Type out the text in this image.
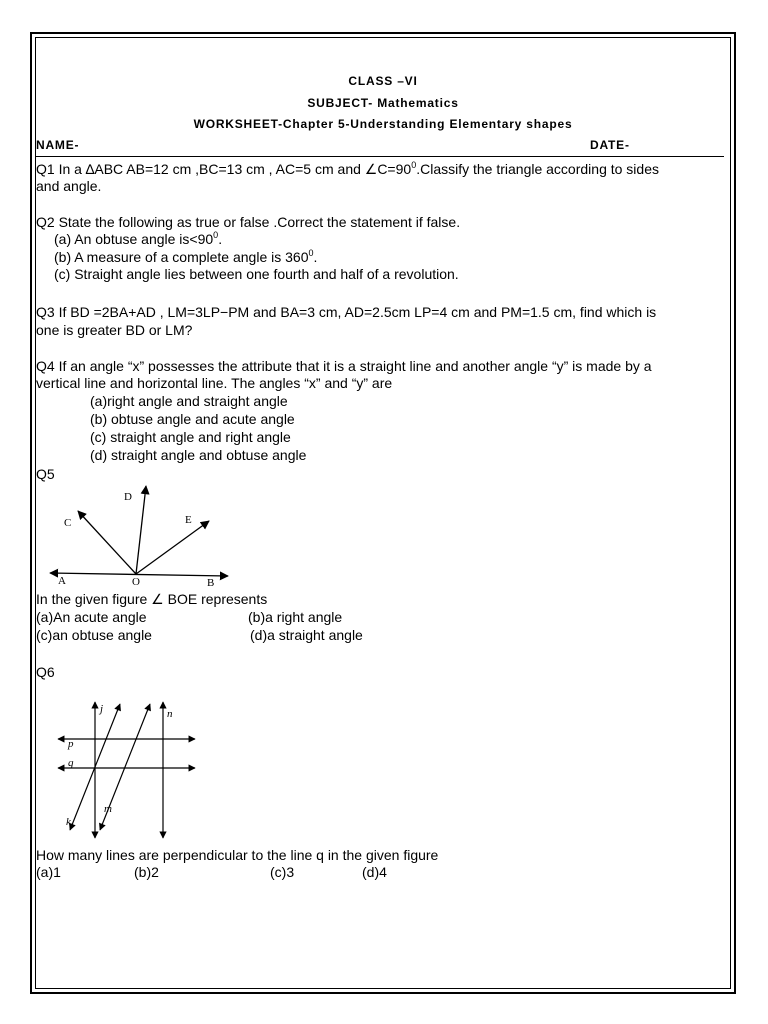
CLASS –VI
SUBJECT- Mathematics
WORKSHEET-Chapter 5-Understanding Elementary shapes
NAME-	DATE-
Q1 In a ∆ABC AB=12 cm ,BC=13 cm , AC=5 cm and $\angle C=90^0.Classify$ the triangle according to sides
and angle.
Q2 State the following as true or false .Correct the statement if false.
(a) An obtuse angle $is<90^0$.
(b) A measure of a complete angle is $360^0$.
(c) Straight angle lies between one fourth and half of a revolution.
Q3 If BD =2BA+AD , LM=3LP−PM and BA=3 cm, AD=2.5cm LP=4 cm and PM=1.5 cm, find which is
one is greater BD or LM?
Q4 If an angle “x” possesses the attribute that it is a straight line and another angle “y” is made by a
vertical line and horizontal line. The angles “x” and “y” are
(a)right angle and straight angle
(b) obtuse angle and acute angle
(c) straight angle and right angle
(d) straight angle and obtuse angle
Q5
A	O	B
C
D
E
In the given figure ∠ BOE represents
(a)An acute angle	(b)a right angle
(c)an obtuse angle	(d)a straight angle
Q6
j	n
p
q
m
k
How many lines are perpendicular to the line q in the given figure
(a)1	(b)2	(c)3	(d)4
